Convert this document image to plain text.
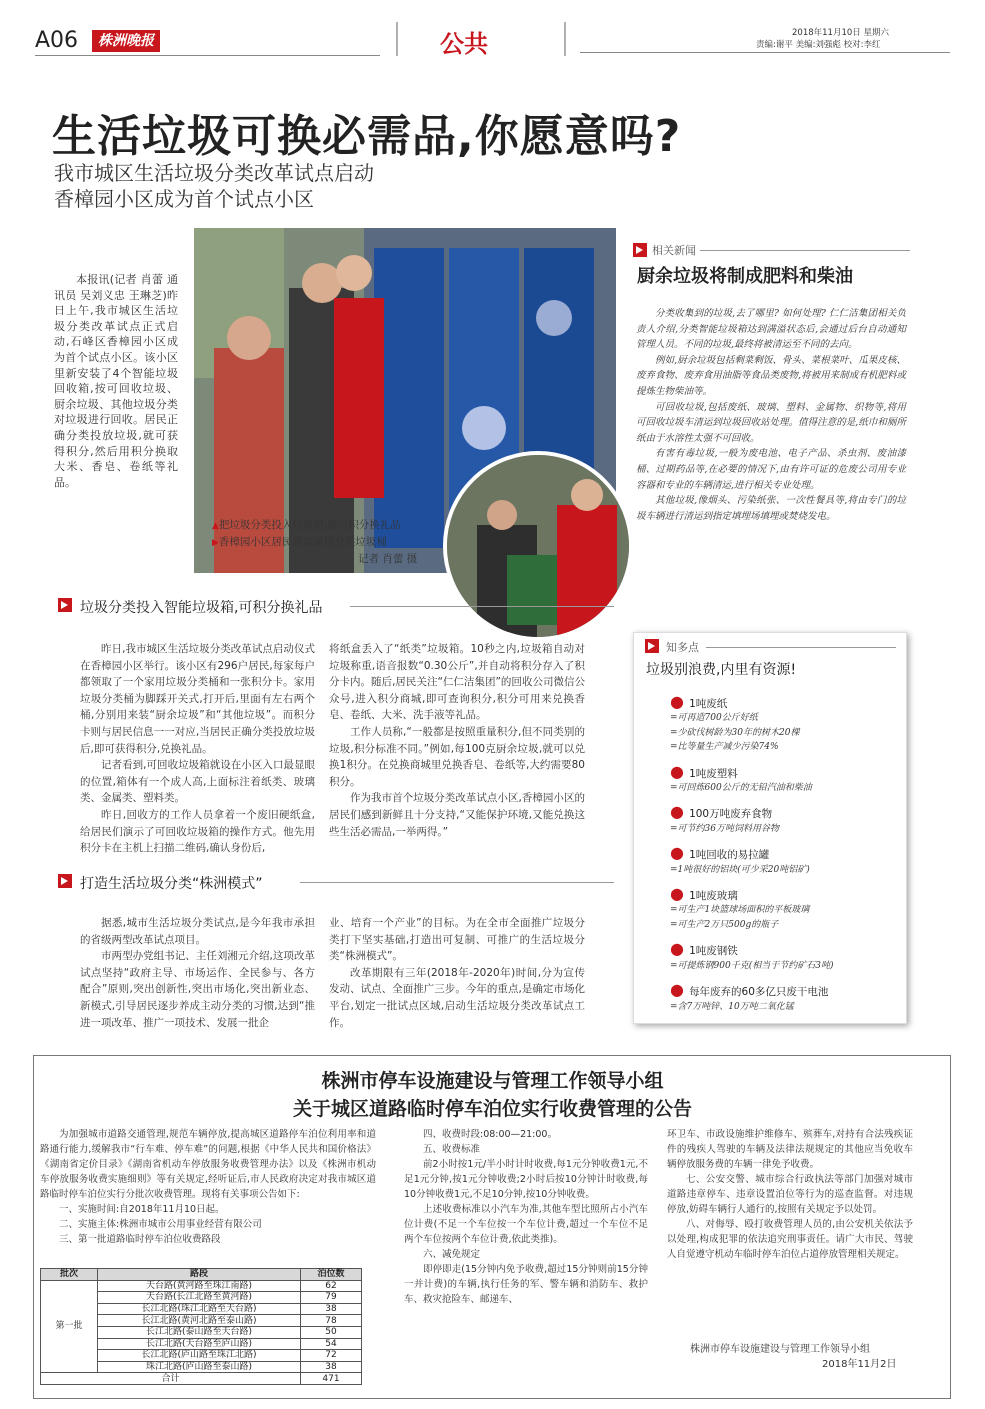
A06	株洲晚报	公共	2018年11月10日 星期六
责编:谢平 美编:刘强彪 校对:李红
生活垃圾可换必需品,你愿意吗?
我市城区生活垃圾分类改革试点启动
香樟园小区成为首个试点小区

本报讯(记者 肖蕾 通讯员 吴刘义忠 王琳芝)昨日上午,我市城区生活垃圾分类改革试点正式启动,石峰区香樟园小区成为首个试点小区。该小区里新安装了4个智能垃圾回收箱,按可回收垃圾、厨余垃圾、其他垃圾分类对垃圾进行回收。居民正确分类投放垃圾,就可获得积分,然后用积分换取大米、香皂、卷纸等礼品。

▲把垃圾分类投入垃圾箱,就可积分换礼品
▶香樟园小区居民领取家用分类垃圾桶
记者 肖蕾 摄
相关新闻
厨余垃圾将制成肥料和柴油

分类收集到的垃圾,去了哪里? 如何处理? 仁仁洁集团相关负责人介绍,分类智能垃圾箱达到满溢状态后,会通过后台自动通知管理人员。不同的垃圾,最终将被清运至不同的去向。

例如,厨余垃圾包括剩菜剩饭、骨头、菜根菜叶、瓜果皮核、废弃食物、废弃食用油脂等食品类废物,将被用来制成有机肥料或提炼生物柴油等。

可回收垃圾,包括废纸、玻璃、塑料、金属物、织物等,将用可回收垃圾车清运到垃圾回收站处理。值得注意的是,纸巾和厕所纸由于水溶性太强不可回收。

有害有毒垃圾,一般为废电池、电子产品、杀虫剂、废油漆桶、过期药品等,在必要的情况下,由有许可证的危废公司用专业容器和专业的车辆清运,进行相关专业处理。

其他垃圾,像烟头、污染纸张、一次性餐具等,将由专门的垃圾车辆进行清运到指定填埋场填埋或焚烧发电。

垃圾分类投入智能垃圾箱,可积分换礼品

昨日,我市城区生活垃圾分类改革试点启动仪式在香樟园小区举行。该小区有296户居民,每家每户都领取了一个家用垃圾分类桶和一张积分卡。家用垃圾分类桶为脚踩开关式,打开后,里面有左右两个桶,分别用来装“厨余垃圾”和“其他垃圾”。而积分卡则与居民信息一一对应,当居民正确分类投放垃圾后,即可获得积分,兑换礼品。

记者看到,可回收垃圾箱就设在小区入口最显眼的位置,箱体有一个成人高,上面标注着纸类、玻璃类、金属类、塑料类。

昨日,回收方的工作人员拿着一个废旧硬纸盒,给居民们演示了可回收垃圾箱的操作方式。他先用积分卡在主机上扫描二维码,确认身份后,

将纸盒丢入了“纸类”垃圾箱。10秒之内,垃圾箱自动对垃圾称重,语音报数“0.30公斤”,并自动将积分存入了积分卡内。随后,居民关注“仁仁洁集团”的回收公司微信公众号,进入积分商城,即可查询积分,积分可用来兑换香皂、卷纸、大米、洗手液等礼品。

工作人员称,“一般都是按照重量积分,但不同类别的垃圾,积分标准不同。”例如,每100克厨余垃圾,就可以兑换1积分。在兑换商城里兑换香皂、卷纸等,大约需要80积分。

作为我市首个垃圾分类改革试点小区,香樟园小区的居民们感到新鲜且十分支持,“又能保护环境,又能兑换这些生活必需品,一举两得。”

打造生活垃圾分类“株洲模式”

据悉,城市生活垃圾分类试点,是今年我市承担的省级两型改革试点项目。

市两型办党组书记、主任刘湘元介绍,这项改革试点坚持“政府主导、市场运作、全民参与、各方配合”原则,突出创新性,突出市场化,突出新业态、新模式,引导居民逐步养成主动分类的习惯,达到“推进一项改革、推广一项技术、发展一批企

业、培育一个产业”的目标。为在全市全面推广垃圾分类打下坚实基础,打造出可复制、可推广的生活垃圾分类“株洲模式”。

改革期限有三年(2018年-2020年)时间,分为宣传发动、试点、全面推广三步。今年的重点,是确定市场化平台,划定一批试点区域,启动生活垃圾分类改革试点工作。

知多点
垃圾别浪费,内里有资源!
● 1吨废纸
=可再造700公斤好纸
=少砍伐树龄为30年的树木20棵
=比等量生产减少污染74%
● 1吨废塑料
=可回炼600公斤的无铅汽油和柴油
● 100万吨废弃食物
=可节约36万吨饲料用谷物
● 1吨回收的易拉罐
=1吨很好的铝块(可少采20吨铝矿)
● 1吨废玻璃
=可生产1块篮球场面积的平板玻璃
=可生产2万只500g的瓶子
● 1吨废钢铁
=可提炼钢900千克(相当于节约矿石3吨)
● 每年废弃的60多亿只废干电池
=含7万吨锌、10万吨二氧化锰
株洲市停车设施建设与管理工作领导小组
关于城区道路临时停车泊位实行收费管理的公告

为加强城市道路交通管理,规范车辆停放,提高城区道路停车泊位利用率和道路通行能力,缓解我市“行车难、停车难”的问题,根据《中华人民共和国价格法》《湖南省定价目录》《湖南省机动车停放服务收费管理办法》以及《株洲市机动车停放服务收费实施细则》等有关规定,经听证后,市人民政府决定对我市城区道路临时停车泊位实行分批次收费管理。现将有关事项公告如下:

一、实施时间:自2018年11月10日起。

二、实施主体:株洲市城市公用事业经营有限公司

三、第一批道路临时停车泊位收费路段

批次	路段	泊位数
第一批	天台路(黄河路至珠江南路)	62
	天台路(长江北路至黄河路)	79
	长江北路(珠江北路至天台路)	38
	长江北路(黄河北路至泰山路)	78
	长江北路(泰山路至天台路)	50
	长江北路(天台路至庐山路)	54
	长江北路(庐山路至珠江北路)	72
	珠江北路(庐山路至泰山路)	38
合计		471

四、收费时段:08:00—21:00。

五、收费标准

前2小时按1元/半小时计时收费,每1元分钟收费1元,不足1元分钟,按1元分钟收费;2小时后按10分钟计时收费,每10分钟收费1元,不足10分钟,按10分钟收费。

上述收费标准以小汽车为准,其他车型比照所占小汽车位计费(不足一个车位按一个车位计费,超过一个车位不足两个车位按两个车位计费,依此类推)。

六、减免规定

即停即走(15分钟内免予收费,超过15分钟则前15分钟一并计费)的车辆,执行任务的军、警车辆和消防车、救护车、救灾抢险车、邮递车、

环卫车、市政设施维护维修车、殡葬车,对持有合法残疾证件的残疾人驾驶的车辆及法律法规规定的其他应当免收车辆停放服务费的车辆一律免予收费。

七、公安交警、城市综合行政执法等部门加强对城市道路违章停车、违章设置泊位等行为的巡查监督。对违规停放,妨碍车辆行人通行的,按照有关规定予以处罚。

八、对侮辱、殴打收费管理人员的,由公安机关依法予以处理,构成犯罪的依法追究刑事责任。请广大市民、驾驶人自觉遵守机动车临时停车泊位占道停放管理相关规定。

株洲市停车设施建设与管理工作领导小组
2018年11月2日
